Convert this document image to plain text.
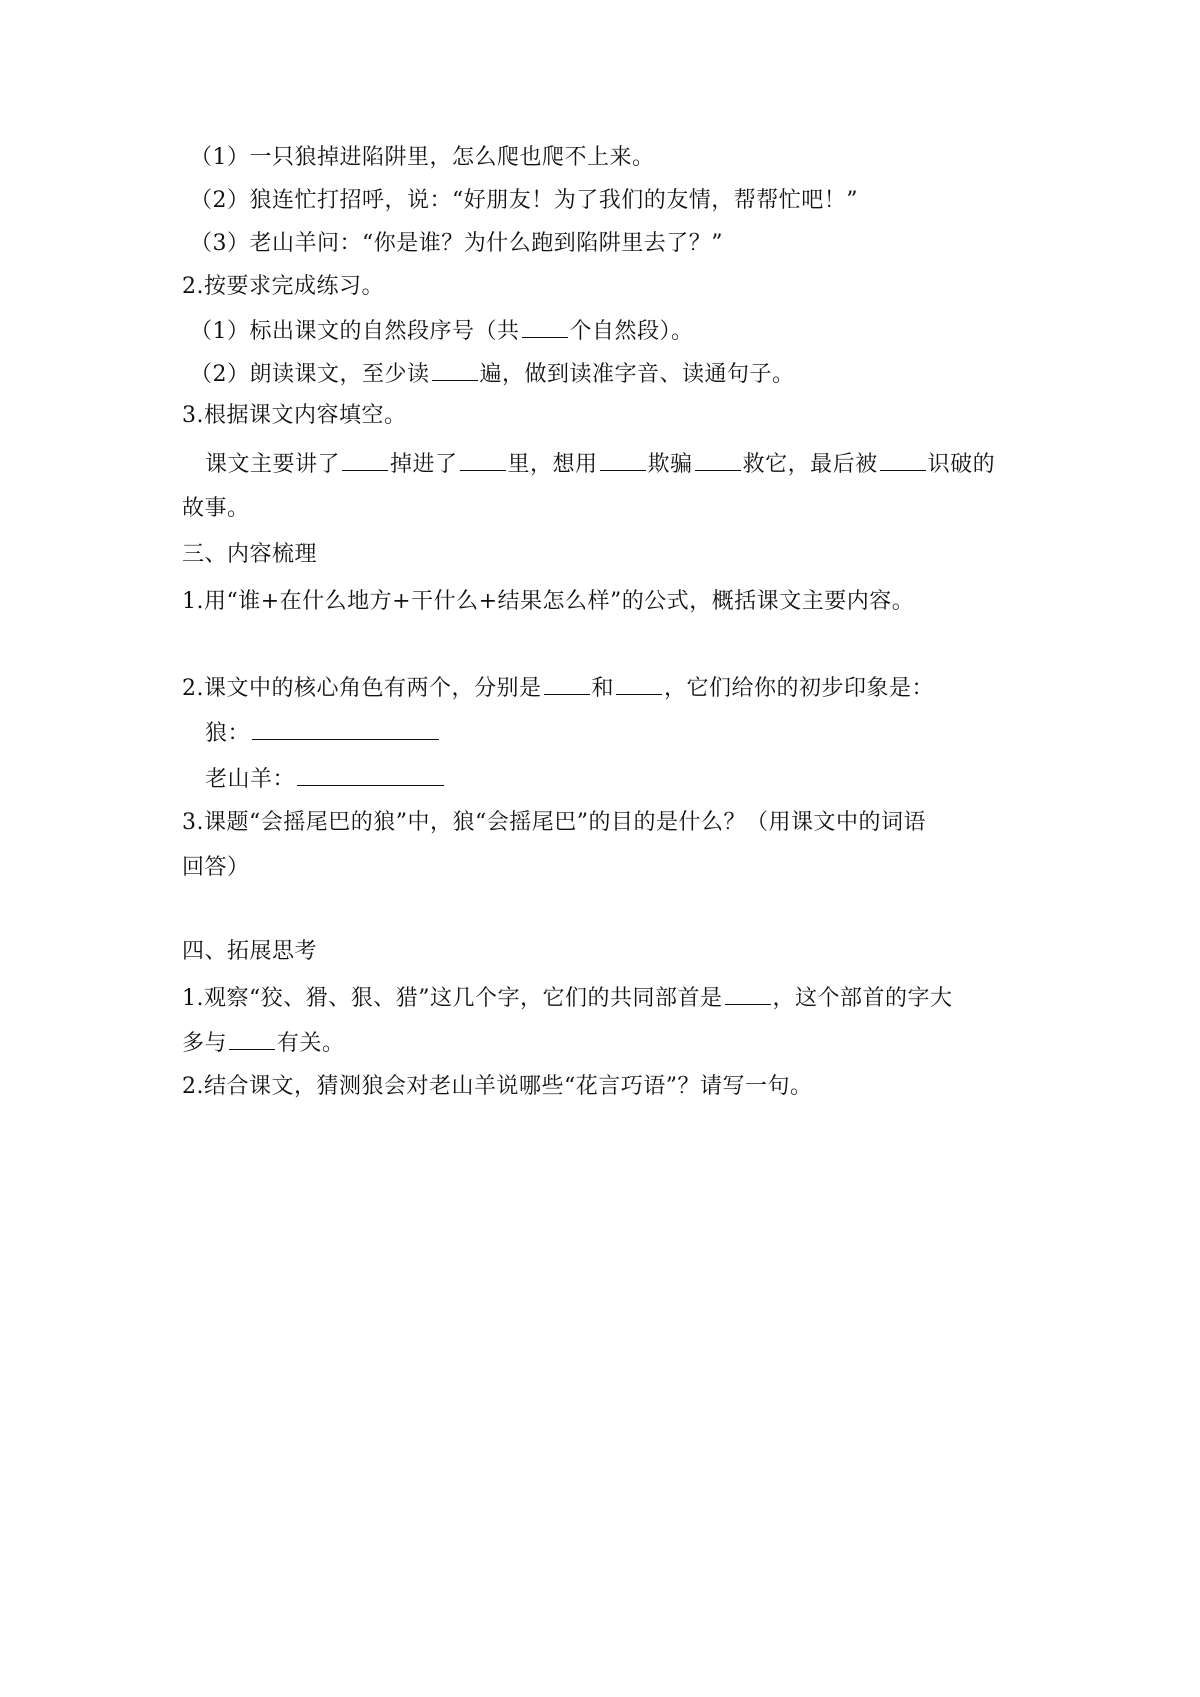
（1）一只狼掉进陷阱里，怎么爬也爬不上来。
（2）狼连忙打招呼，说：“好朋友！为了我们的友情，帮帮忙吧！”
（3）老山羊问：“你是谁？为什么跑到陷阱里去了？”
2.按要求完成练习。
（1）标出课文的自然段序号（共 个自然段）。
（2）朗读课文，至少读 遍，做到读准字音、读通句子。
3.根据课文内容填空。
课文主要讲了 掉进了 里，想用 欺骗 救它，最后被 识破的
故事。
三、内容梳理
1.用“谁+在什么地方+干什么+结果怎么样”的公式，概括课文主要内容。
2.课文中的核心角色有两个，分别是 和 ，它们给你的初步印象是：
狼：
老山羊：
3.课题“会摇尾巴的狼”中，狼“会摇尾巴”的目的是什么？（用课文中的词语
回答）
四、拓展思考
1.观察“狡、猾、狠、猎”这几个字，它们的共同部首是 ，这个部首的字大
多与 有关。
2.结合课文，猜测狼会对老山羊说哪些“花言巧语”？请写一句。
